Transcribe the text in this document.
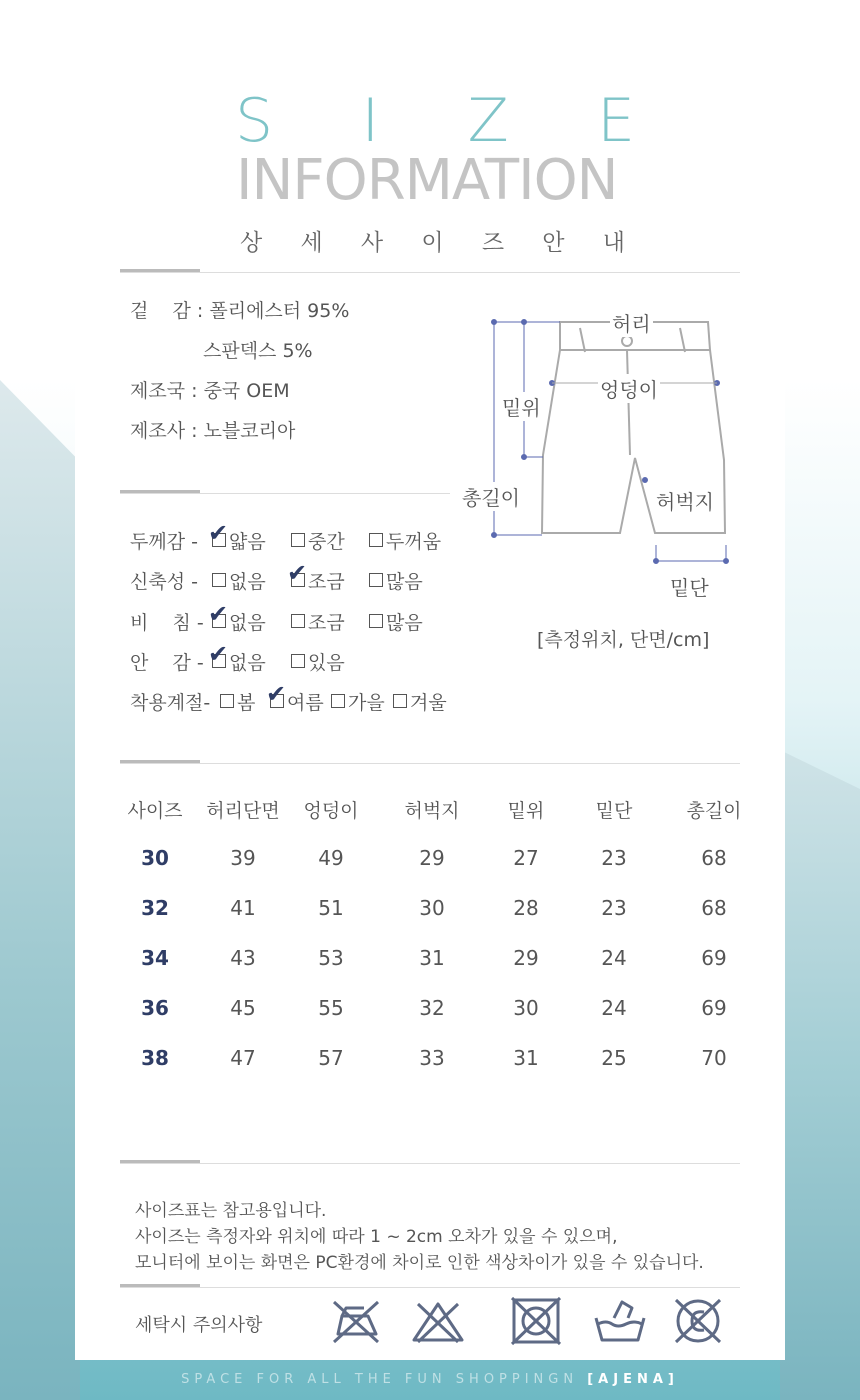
S I Z E
INFORMATION
상 세 사 이 즈 안 내
겉    감 : 폴리에스터 95%
스판덱스 5%
제조국 : 중국 OEM
제조사 : 노블코리아
두께감 - ✔ 얇음	중간	두꺼움
신축성 -	없음 ✔ 조금	많음
비    침 - ✔ 없음	조금	많음
안    감 - ✔ 없음	있음
착용계절-	봄 ✔ 여름	가을	겨울
허리
엉덩이
밑위
총길이	허벅지
밑단
[측정위치, 단면/cm]
사이즈	허리단면	엉덩이	허벅지	밑위	밑단	총길이
30	39	49	29	27	23	68
32	41	51	30	28	23	68
34	43	53	31	29	24	69
36	45	55	32	30	24	69
38	47	57	33	31	25	70
사이즈표는 참고용입니다.
사이즈는 측정자와 위치에 따라 1 ~ 2cm 오차가 있을 수 있으며,
모니터에 보이는 화면은 PC환경에 차이로 인한 색상차이가 있을 수 있습니다.
세탁시 주의사항
SPACE FOR ALL THE FUN SHOPPINGN [AJENA]
